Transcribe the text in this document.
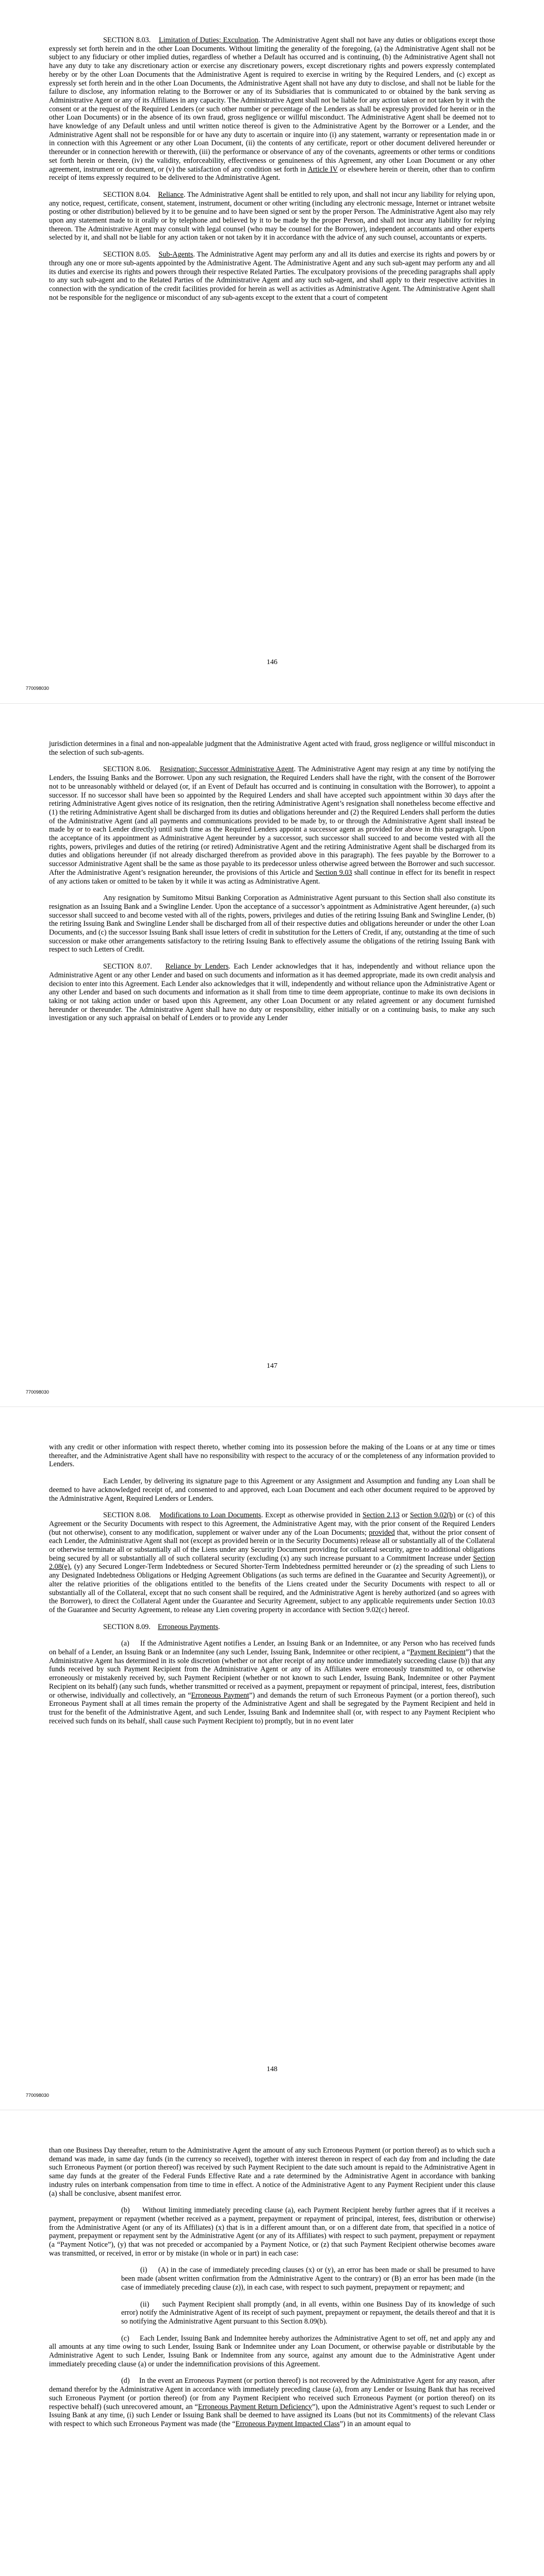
SECTION 8.03.    Limitation of Duties; Exculpation. The Administrative Agent shall not have any duties or obligations except those expressly set forth herein and in the other Loan Documents. Without limiting the generality of the foregoing, (a) the Administrative Agent shall not be subject to any fiduciary or other implied duties, regardless of whether a Default has occurred and is continuing, (b) the Administrative Agent shall not have any duty to take any discretionary action or exercise any discretionary powers, except discretionary rights and powers expressly contemplated hereby or by the other Loan Documents that the Administrative Agent is required to exercise in writing by the Required Lenders, and (c) except as expressly set forth herein and in the other Loan Documents, the Administrative Agent shall not have any duty to disclose, and shall not be liable for the failure to disclose, any information relating to the Borrower or any of its Subsidiaries that is communicated to or obtained by the bank serving as Administrative Agent or any of its Affiliates in any capacity. The Administrative Agent shall not be liable for any action taken or not taken by it with the consent or at the request of the Required Lenders (or such other number or percentage of the Lenders as shall be expressly provided for herein or in the other Loan Documents) or in the absence of its own fraud, gross negligence or willful misconduct. The Administrative Agent shall be deemed not to have knowledge of any Default unless and until written notice thereof is given to the Administrative Agent by the Borrower or a Lender, and the Administrative Agent shall not be responsible for or have any duty to ascertain or inquire into (i) any statement, warranty or representation made in or in connection with this Agreement or any other Loan Document, (ii) the contents of any certificate, report or other document delivered hereunder or thereunder or in connection herewith or therewith, (iii) the performance or observance of any of the covenants, agreements or other terms or conditions set forth herein or therein, (iv) the validity, enforceability, effectiveness or genuineness of this Agreement, any other Loan Document or any other agreement, instrument or document, or (v) the satisfaction of any condition set forth in Article IV or elsewhere herein or therein, other than to confirm receipt of items expressly required to be delivered to the Administrative Agent.

SECTION 8.04.    Reliance. The Administrative Agent shall be entitled to rely upon, and shall not incur any liability for relying upon, any notice, request, certificate, consent, statement, instrument, document or other writing (including any electronic message, Internet or intranet website posting or other distribution) believed by it to be genuine and to have been signed or sent by the proper Person. The Administrative Agent also may rely upon any statement made to it orally or by telephone and believed by it to be made by the proper Person, and shall not incur any liability for relying thereon. The Administrative Agent may consult with legal counsel (who may be counsel for the Borrower), independent accountants and other experts selected by it, and shall not be liable for any action taken or not taken by it in accordance with the advice of any such counsel, accountants or experts.

SECTION 8.05.    Sub-Agents. The Administrative Agent may perform any and all its duties and exercise its rights and powers by or through any one or more sub-agents appointed by the Administrative Agent. The Administrative Agent and any such sub-agent may perform any and all its duties and exercise its rights and powers through their respective Related Parties. The exculpatory provisions of the preceding paragraphs shall apply to any such sub-agent and to the Related Parties of the Administrative Agent and any such sub-agent, and shall apply to their respective activities in connection with the syndication of the credit facilities provided for herein as well as activities as Administrative Agent. The Administrative Agent shall not be responsible for the negligence or misconduct of any sub-agents except to the extent that a court of competent

146
770098030

jurisdiction determines in a final and non-appealable judgment that the Administrative Agent acted with fraud, gross negligence or willful misconduct in the selection of such sub-agents.

SECTION 8.06.    Resignation; Successor Administrative Agent. The Administrative Agent may resign at any time by notifying the Lenders, the Issuing Banks and the Borrower. Upon any such resignation, the Required Lenders shall have the right, with the consent of the Borrower not to be unreasonably withheld or delayed (or, if an Event of Default has occurred and is continuing in consultation with the Borrower), to appoint a successor. If no successor shall have been so appointed by the Required Lenders and shall have accepted such appointment within 30 days after the retiring Administrative Agent gives notice of its resignation, then the retiring Administrative Agent’s resignation shall nonetheless become effective and (1) the retiring Administrative Agent shall be discharged from its duties and obligations hereunder and (2) the Required Lenders shall perform the duties of the Administrative Agent (and all payments and communications provided to be made by, to or through the Administrative Agent shall instead be made by or to each Lender directly) until such time as the Required Lenders appoint a successor agent as provided for above in this paragraph. Upon the acceptance of its appointment as Administrative Agent hereunder by a successor, such successor shall succeed to and become vested with all the rights, powers, privileges and duties of the retiring (or retired) Administrative Agent and the retiring Administrative Agent shall be discharged from its duties and obligations hereunder (if not already discharged therefrom as provided above in this paragraph). The fees payable by the Borrower to a successor Administrative Agent shall be the same as those payable to its predecessor unless otherwise agreed between the Borrower and such successor. After the Administrative Agent’s resignation hereunder, the provisions of this Article and Section 9.03 shall continue in effect for its benefit in respect of any actions taken or omitted to be taken by it while it was acting as Administrative Agent.

Any resignation by Sumitomo Mitsui Banking Corporation as Administrative Agent pursuant to this Section shall also constitute its resignation as an Issuing Bank and a Swingline Lender. Upon the acceptance of a successor’s appointment as Administrative Agent hereunder, (a) such successor shall succeed to and become vested with all of the rights, powers, privileges and duties of the retiring Issuing Bank and Swingline Lender, (b) the retiring Issuing Bank and Swingline Lender shall be discharged from all of their respective duties and obligations hereunder or under the other Loan Documents, and (c) the successor Issuing Bank shall issue letters of credit in substitution for the Letters of Credit, if any, outstanding at the time of such succession or make other arrangements satisfactory to the retiring Issuing Bank to effectively assume the obligations of the retiring Issuing Bank with respect to such Letters of Credit.

SECTION 8.07.    Reliance by Lenders. Each Lender acknowledges that it has, independently and without reliance upon the Administrative Agent or any other Lender and based on such documents and information as it has deemed appropriate, made its own credit analysis and decision to enter into this Agreement. Each Lender also acknowledges that it will, independently and without reliance upon the Administrative Agent or any other Lender and based on such documents and information as it shall from time to time deem appropriate, continue to make its own decisions in taking or not taking action under or based upon this Agreement, any other Loan Document or any related agreement or any document furnished hereunder or thereunder. The Administrative Agent shall have no duty or responsibility, either initially or on a continuing basis, to make any such investigation or any such appraisal on behalf of Lenders or to provide any Lender

147
770098030

with any credit or other information with respect thereto, whether coming into its possession before the making of the Loans or at any time or times thereafter, and the Administrative Agent shall have no responsibility with respect to the accuracy of or the completeness of any information provided to Lenders.

Each Lender, by delivering its signature page to this Agreement or any Assignment and Assumption and funding any Loan shall be deemed to have acknowledged receipt of, and consented to and approved, each Loan Document and each other document required to be approved by the Administrative Agent, Required Lenders or Lenders.

SECTION 8.08.    Modifications to Loan Documents. Except as otherwise provided in Section 2.13 or Section 9.02(b) or (c) of this Agreement or the Security Documents with respect to this Agreement, the Administrative Agent may, with the prior consent of the Required Lenders (but not otherwise), consent to any modification, supplement or waiver under any of the Loan Documents; provided that, without the prior consent of each Lender, the Administrative Agent shall not (except as provided herein or in the Security Documents) release all or substantially all of the Collateral or otherwise terminate all or substantially all of the Liens under any Security Document providing for collateral security, agree to additional obligations being secured by all or substantially all of such collateral security (excluding (x) any such increase pursuant to a Commitment Increase under Section 2.08(e), (y) any Secured Longer-Term Indebtedness or Secured Shorter-Term Indebtedness permitted hereunder or (z) the spreading of such Liens to any Designated Indebtedness Obligations or Hedging Agreement Obligations (as such terms are defined in the Guarantee and Security Agreement)), or alter the relative priorities of the obligations entitled to the benefits of the Liens created under the Security Documents with respect to all or substantially all of the Collateral, except that no such consent shall be required, and the Administrative Agent is hereby authorized (and so agrees with the Borrower), to direct the Collateral Agent under the Guarantee and Security Agreement, subject to any applicable requirements under Section 10.03 of the Guarantee and Security Agreement, to release any Lien covering property in accordance with Section 9.02(c) hereof.

SECTION 8.09.    Erroneous Payments.

(a)     If the Administrative Agent notifies a Lender, an Issuing Bank or an Indemnitee, or any Person who has received funds on behalf of a Lender, an Issuing Bank or an Indemnitee (any such Lender, Issuing Bank, Indemnitee or other recipient, a “Payment Recipient”) that the Administrative Agent has determined in its sole discretion (whether or not after receipt of any notice under immediately succeeding clause (b)) that any funds received by such Payment Recipient from the Administrative Agent or any of its Affiliates were erroneously transmitted to, or otherwise erroneously or mistakenly received by, such Payment Recipient (whether or not known to such Lender, Issuing Bank, Indemnitee or other Payment Recipient on its behalf) (any such funds, whether transmitted or received as a payment, prepayment or repayment of principal, interest, fees, distribution or otherwise, individually and collectively, an “Erroneous Payment”) and demands the return of such Erroneous Payment (or a portion thereof), such Erroneous Payment shall at all times remain the property of the Administrative Agent and shall be segregated by the Payment Recipient and held in trust for the benefit of the Administrative Agent, and such Lender, Issuing Bank and Indemnitee shall (or, with respect to any Payment Recipient who received such funds on its behalf, shall cause such Payment Recipient to) promptly, but in no event later

148
770098030

than one Business Day thereafter, return to the Administrative Agent the amount of any such Erroneous Payment (or portion thereof) as to which such a demand was made, in same day funds (in the currency so received), together with interest thereon in respect of each day from and including the date such Erroneous Payment (or portion thereof) was received by such Payment Recipient to the date such amount is repaid to the Administrative Agent in same day funds at the greater of the Federal Funds Effective Rate and a rate determined by the Administrative Agent in accordance with banking industry rules on interbank compensation from time to time in effect. A notice of the Administrative Agent to any Payment Recipient under this clause (a) shall be conclusive, absent manifest error.

(b)     Without limiting immediately preceding clause (a), each Payment Recipient hereby further agrees that if it receives a payment, prepayment or repayment (whether received as a payment, prepayment or repayment of principal, interest, fees, distribution or otherwise) from the Administrative Agent (or any of its Affiliates) (x) that is in a different amount than, or on a different date from, that specified in a notice of payment, prepayment or repayment sent by the Administrative Agent (or any of its Affiliates) with respect to such payment, prepayment or repayment (a “Payment Notice”), (y) that was not preceded or accompanied by a Payment Notice, or (z) that such Payment Recipient otherwise becomes aware was transmitted, or received, in error or by mistake (in whole or in part) in each case:

(i)     (A) in the case of immediately preceding clauses (x) or (y), an error has been made or shall be presumed to have been made (absent written confirmation from the Administrative Agent to the contrary) or (B) an error has been made (in the case of immediately preceding clause (z)), in each case, with respect to such payment, prepayment or repayment; and

(ii)     such Payment Recipient shall promptly (and, in all events, within one Business Day of its knowledge of such error) notify the Administrative Agent of its receipt of such payment, prepayment or repayment, the details thereof and that it is so notifying the Administrative Agent pursuant to this Section 8.09(b).

(c)     Each Lender, Issuing Bank and Indemnitee hereby authorizes the Administrative Agent to set off, net and apply any and all amounts at any time owing to such Lender, Issuing Bank or Indemnitee under any Loan Document, or otherwise payable or distributable by the Administrative Agent to such Lender, Issuing Bank or Indemnitee from any source, against any amount due to the Administrative Agent under immediately preceding clause (a) or under the indemnification provisions of this Agreement.

(d)     In the event an Erroneous Payment (or portion thereof) is not recovered by the Administrative Agent for any reason, after demand therefor by the Administrative Agent in accordance with immediately preceding clause (a), from any Lender or Issuing Bank that has received such Erroneous Payment (or portion thereof) (or from any Payment Recipient who received such Erroneous Payment (or portion thereof) on its respective behalf) (such unrecovered amount, an “Erroneous Payment Return Deficiency”), upon the Administrative Agent’s request to such Lender or Issuing Bank at any time, (i) such Lender or Issuing Bank shall be deemed to have assigned its Loans (but not its Commitments) of the relevant Class with respect to which such Erroneous Payment was made (the “Erroneous Payment Impacted Class”) in an amount equal to
